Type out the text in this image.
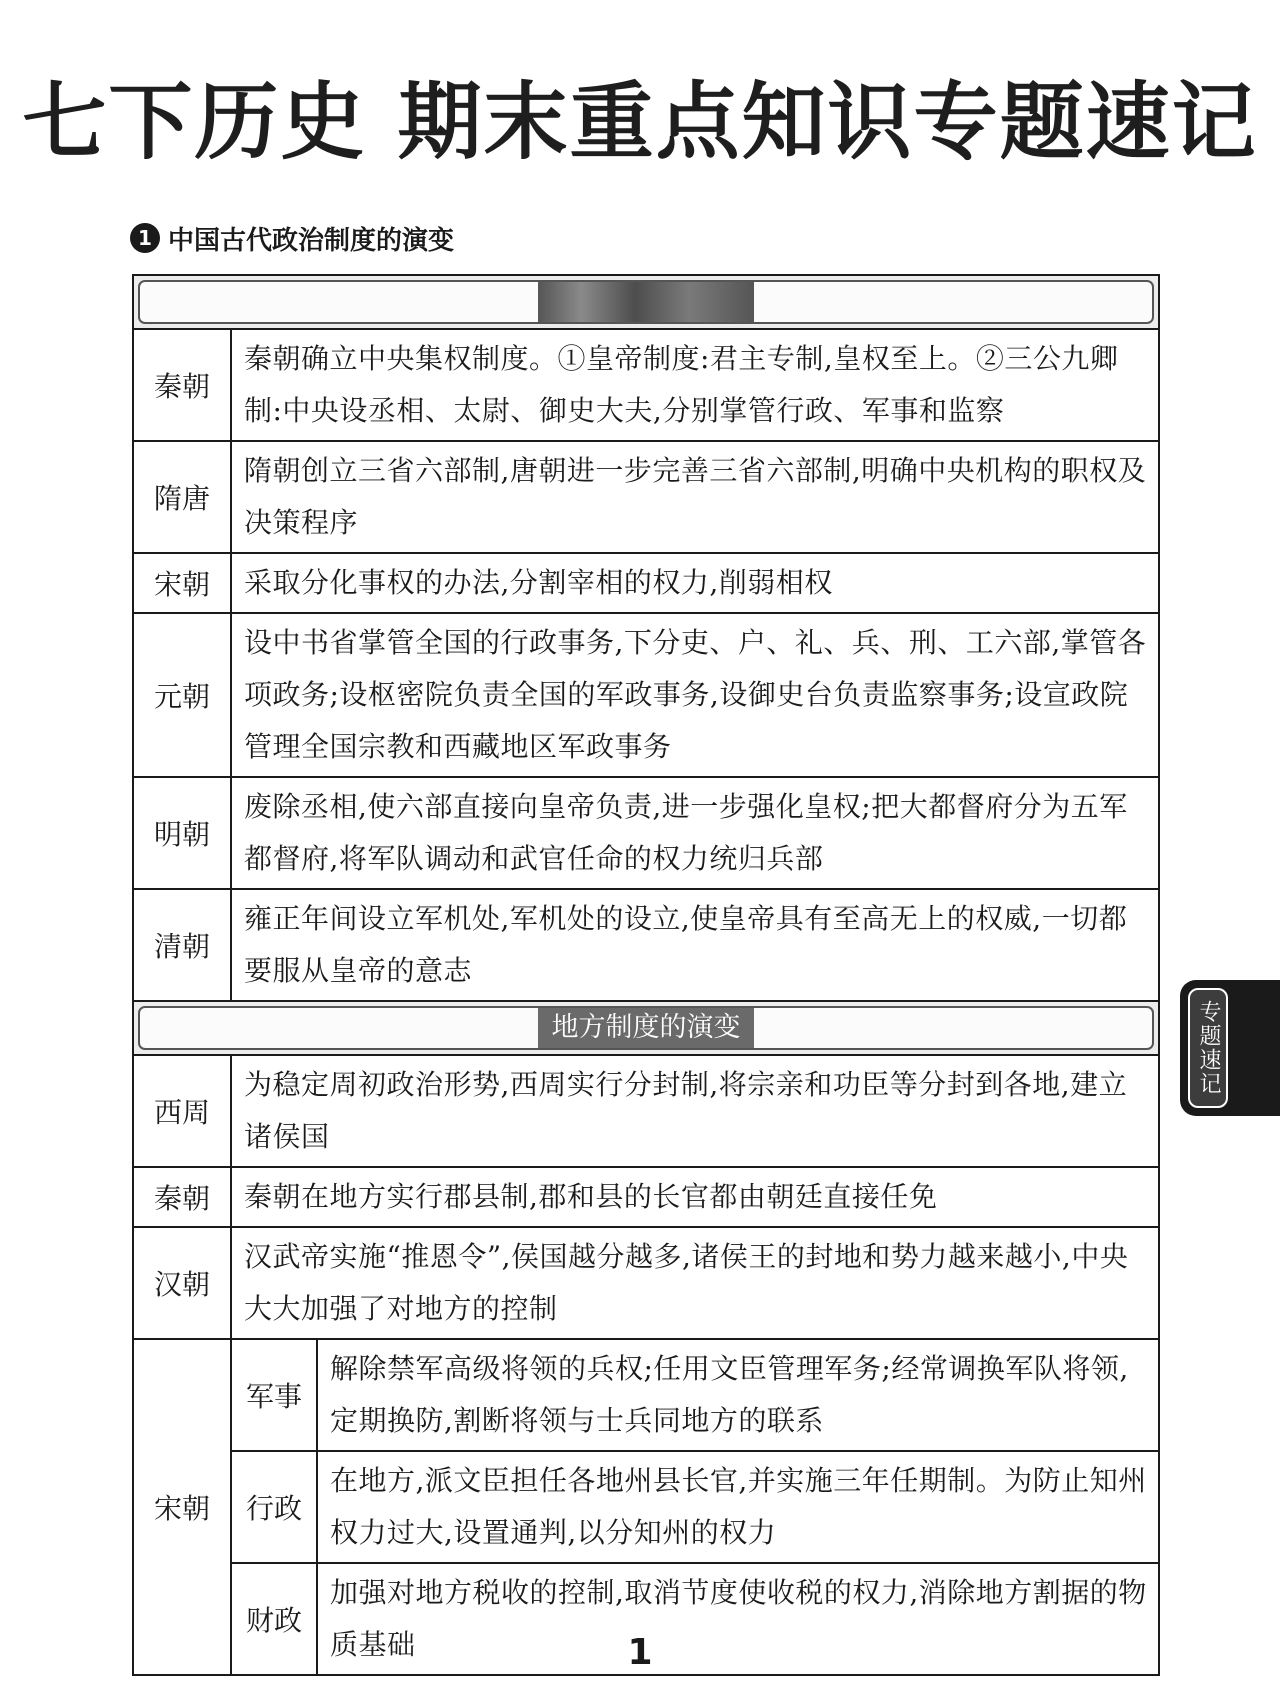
七下历史 期末重点知识专题速记
1 中国古代政治制度的演变
秦朝
秦朝确立中央集权制度。①皇帝制度:君主专制,皇权至上。②三公九卿制:中央设丞相、太尉、御史大夫,分别掌管行政、军事和监察
隋唐
隋朝创立三省六部制,唐朝进一步完善三省六部制,明确中央机构的职权及决策程序
宋朝	采取分化事权的办法,分割宰相的权力,削弱相权
元朝
设中书省掌管全国的行政事务,下分吏、户、礼、兵、刑、工六部,掌管各项政务;设枢密院负责全国的军政事务,设御史台负责监察事务;设宣政院管理全国宗教和西藏地区军政事务
明朝
废除丞相,使六部直接向皇帝负责,进一步强化皇权;把大都督府分为五军都督府,将军队调动和武官任命的权力统归兵部
清朝
雍正年间设立军机处,军机处的设立,使皇帝具有至高无上的权威,一切都要服从皇帝的意志
地方制度的演变
西周
为稳定周初政治形势,西周实行分封制,将宗亲和功臣等分封到各地,建立诸侯国
秦朝	秦朝在地方实行郡县制,郡和县的长官都由朝廷直接任免
汉朝
汉武帝实施“推恩令”,侯国越分越多,诸侯王的封地和势力越来越小,中央大大加强了对地方的控制
宋朝
军事
解除禁军高级将领的兵权;任用文臣管理军务;经常调换军队将领,定期换防,割断将领与士兵同地方的联系
行政
在地方,派文臣担任各地州县长官,并实施三年任期制。为防止知州权力过大,设置通判,以分知州的权力
财政
加强对地方税收的控制,取消节度使收税的权力,消除地方割据的物质基础
专题速记
1
